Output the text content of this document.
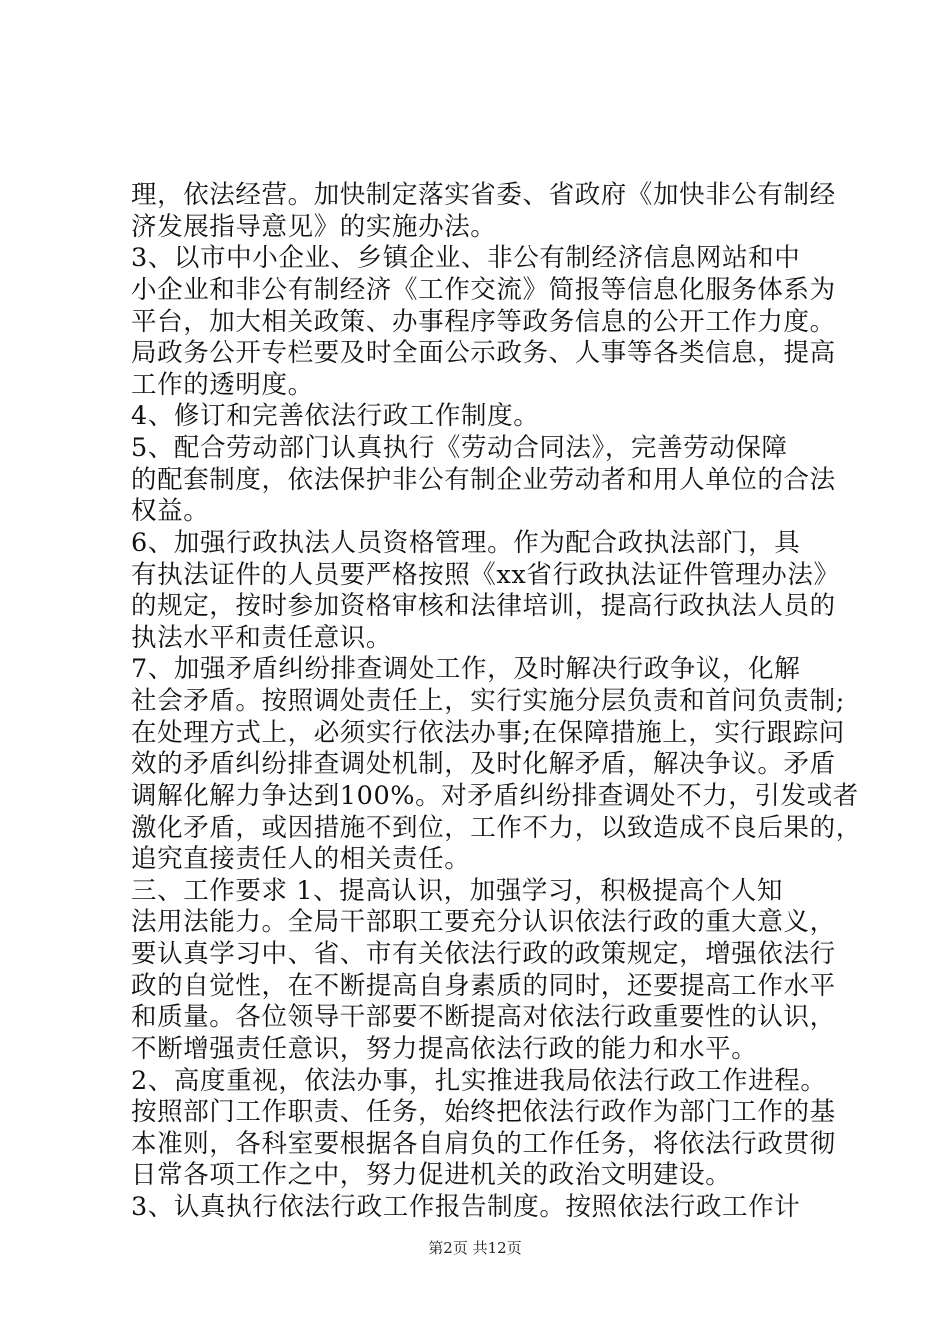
理，依法经营。加快制定落实省委、省政府《加快非公有制经
济发展指导意见》的实施办法。
3、以市中小企业、乡镇企业、非公有制经济信息网站和中
小企业和非公有制经济《工作交流》简报等信息化服务体系为
平台，加大相关政策、办事程序等政务信息的公开工作力度。
局政务公开专栏要及时全面公示政务、人事等各类信息，提高
工作的透明度。
4、修订和完善依法行政工作制度。
5、配合劳动部门认真执行《劳动合同法》，完善劳动保障
的配套制度，依法保护非公有制企业劳动者和用人单位的合法
权益。
6、加强行政执法人员资格管理。作为配合政执法部门，具
有执法证件的人员要严格按照《xx省行政执法证件管理办法》
的规定，按时参加资格审核和法律培训，提高行政执法人员的
执法水平和责任意识。
7、加强矛盾纠纷排查调处工作，及时解决行政争议，化解
社会矛盾。按照调处责任上，实行实施分层负责和首问负责制;
在处理方式上，必须实行依法办事;在保障措施上，实行跟踪问
效的矛盾纠纷排查调处机制，及时化解矛盾，解决争议。矛盾
调解化解力争达到100%。对矛盾纠纷排查调处不力，引发或者
激化矛盾，或因措施不到位，工作不力，以致造成不良后果的，
追究直接责任人的相关责任。
三、工作要求 1、提高认识，加强学习，积极提高个人知
法用法能力。全局干部职工要充分认识依法行政的重大意义，
要认真学习中、省、市有关依法行政的政策规定，增强依法行
政的自觉性，在不断提高自身素质的同时，还要提高工作水平
和质量。各位领导干部要不断提高对依法行政重要性的认识，
不断增强责任意识，努力提高依法行政的能力和水平。
2、高度重视，依法办事，扎实推进我局依法行政工作进程。
按照部门工作职责、任务，始终把依法行政作为部门工作的基
本准则，各科室要根据各自肩负的工作任务，将依法行政贯彻
日常各项工作之中，努力促进机关的政治文明建设。
3、认真执行依法行政工作报告制度。按照依法行政工作计
第2页 共12页
